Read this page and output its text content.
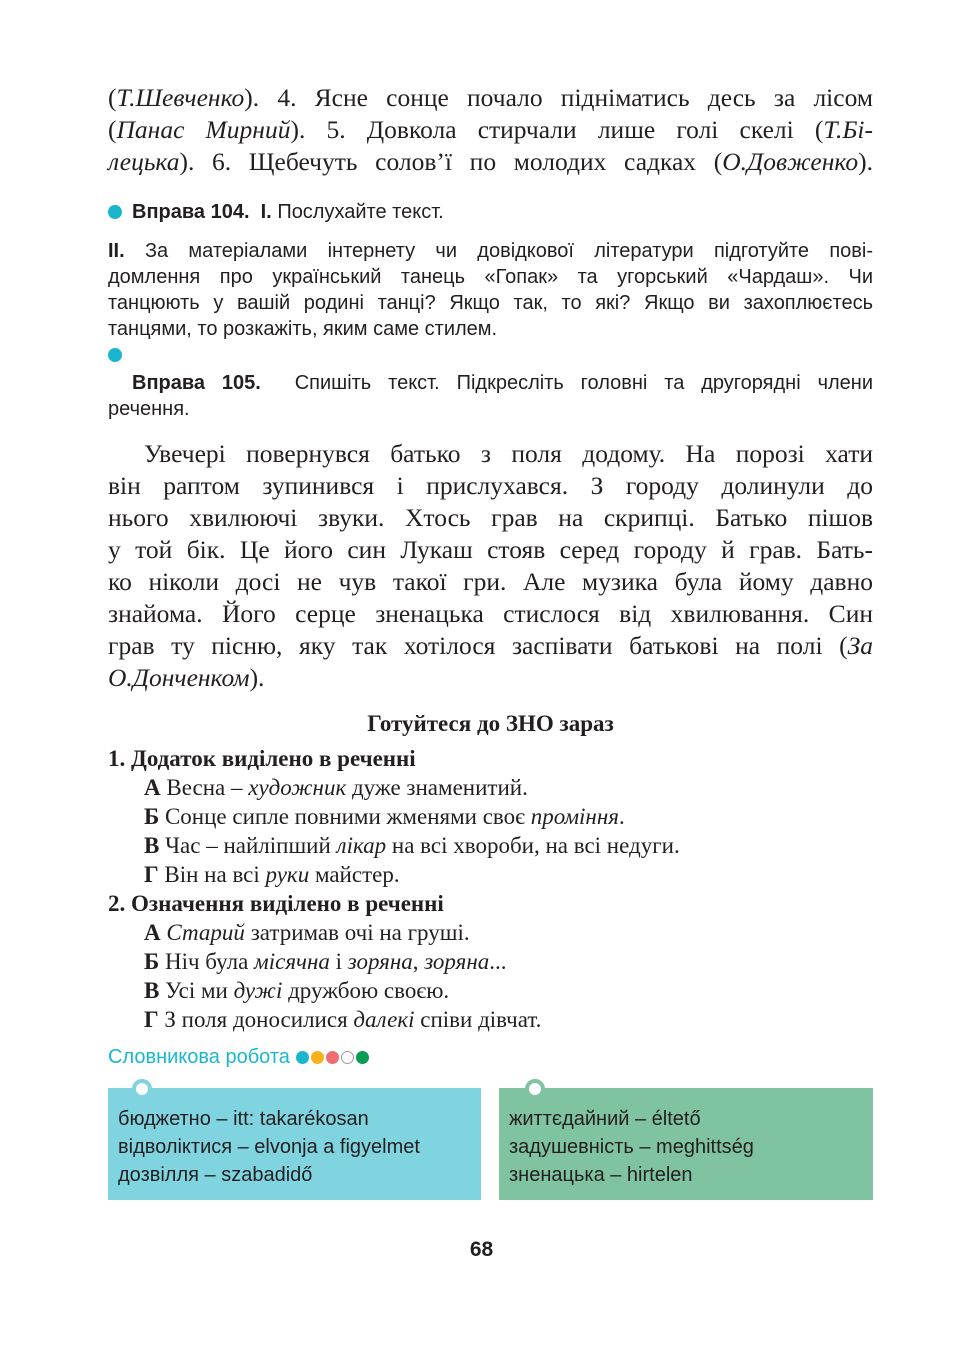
(Т.Шевченко). 4. Ясне сонце почало підніматись десь за лісом
(Панас Мирний). 5. Довкола стирчали лише голі скелі (Т.Бі-
лецька). 6. Щебечуть солов’ї по молодих садках (О.Довженко).
Вправа 104. I. Послухайте текст.
II. За матеріалами інтернету чи довідкової літератури підготуйте пові-
домлення про український танець «Гопак» та угорський «Чардаш». Чи
танцюють у вашій родині танці? Якщо так, то які? Якщо ви захоплюєтесь
танцями, то розкажіть, яким саме стилем.
Вправа 105. Спишіть текст. Підкресліть головні та другорядні члени
речення.
Увечері повернувся батько з поля додому. На порозі хати
він раптом зупинився і прислухався. З городу долинули до
нього хвилюючі звуки. Хтось грав на скрипці. Батько пішов
у той бік. Це його син Лукаш стояв серед городу й грав. Бать-
ко ніколи досі не чув такої гри. Але музика була йому давно
знайома. Його серце зненацька стислося від хвилювання. Син
грав ту пісню, яку так хотілося заспівати батькові на полі (За
О.Донченком).
Готуйтеся до ЗНО зараз
1. Додаток виділено в реченні
А Весна – художник дуже знаменитий.
Б Сонце сипле повними жменями своє проміння.
В Час – найліпший лікар на всі хвороби, на всі недуги.
Г Він на всі руки майстер.
2. Означення виділено в реченні
А Старий затримав очі на груші.
Б Ніч була місячна і зоряна, зоряна...
В Усі ми дужі дружбою своєю.
Г З поля доносилися далекі співи дівчат.
Словникова робота
бюджетно – itt: takarékosan
відволіктися – elvonja a figyelmet
дозвілля – szabadidő
життєдайний – éltető
задушевність – meghittség
зненацька – hirtelen
68
